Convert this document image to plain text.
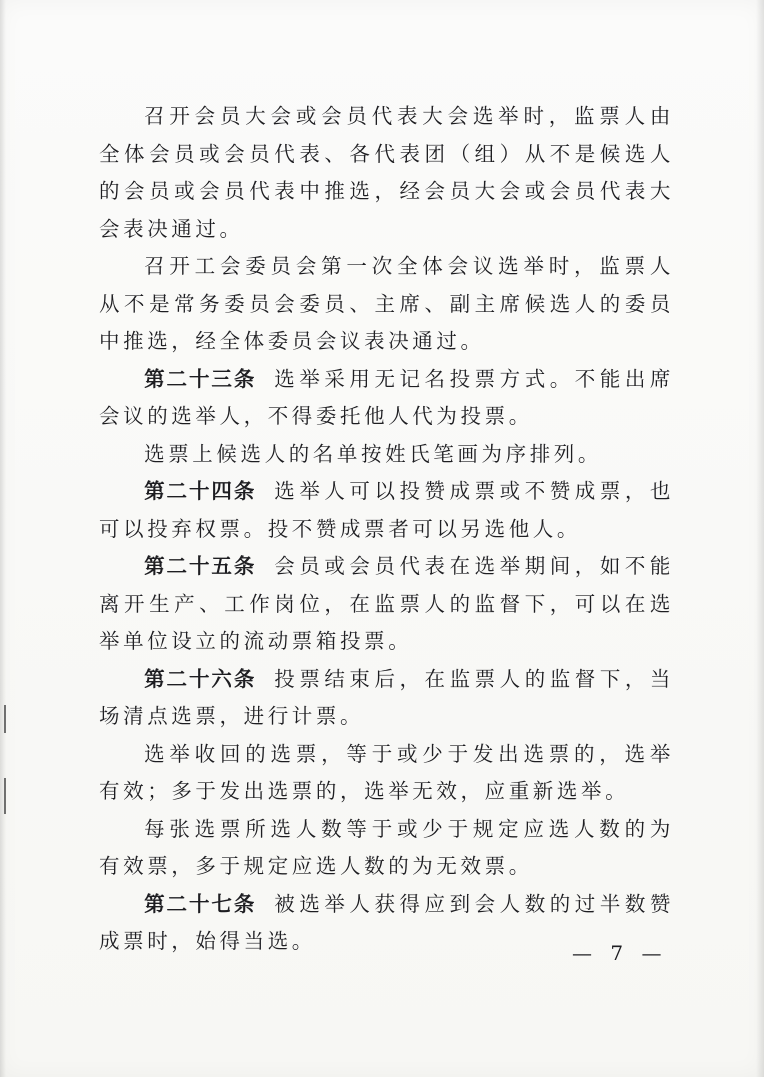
召开会员大会或会员代表大会选举时，监票人由全体会员或会员代表、各代表团（组）从不是候选人的会员或会员代表中推选，经会员大会或会员代表大会表决通过。

召开工会委员会第一次全体会议选举时，监票人从不是常务委员会委员、主席、副主席候选人的委员中推选，经全体委员会议表决通过。

第二十三条 选举采用无记名投票方式。不能出席会议的选举人，不得委托他人代为投票。

选票上候选人的名单按姓氏笔画为序排列。

第二十四条 选举人可以投赞成票或不赞成票，也可以投弃权票。投不赞成票者可以另选他人。

第二十五条 会员或会员代表在选举期间，如不能离开生产、工作岗位，在监票人的监督下，可以在选举单位设立的流动票箱投票。

第二十六条 投票结束后，在监票人的监督下，当场清点选票，进行计票。

选举收回的选票，等于或少于发出选票的，选举有效；多于发出选票的，选举无效，应重新选举。

每张选票所选人数等于或少于规定应选人数的为有效票，多于规定应选人数的为无效票。

第二十七条 被选举人获得应到会人数的过半数赞成票时，始得当选。	— 7 —
